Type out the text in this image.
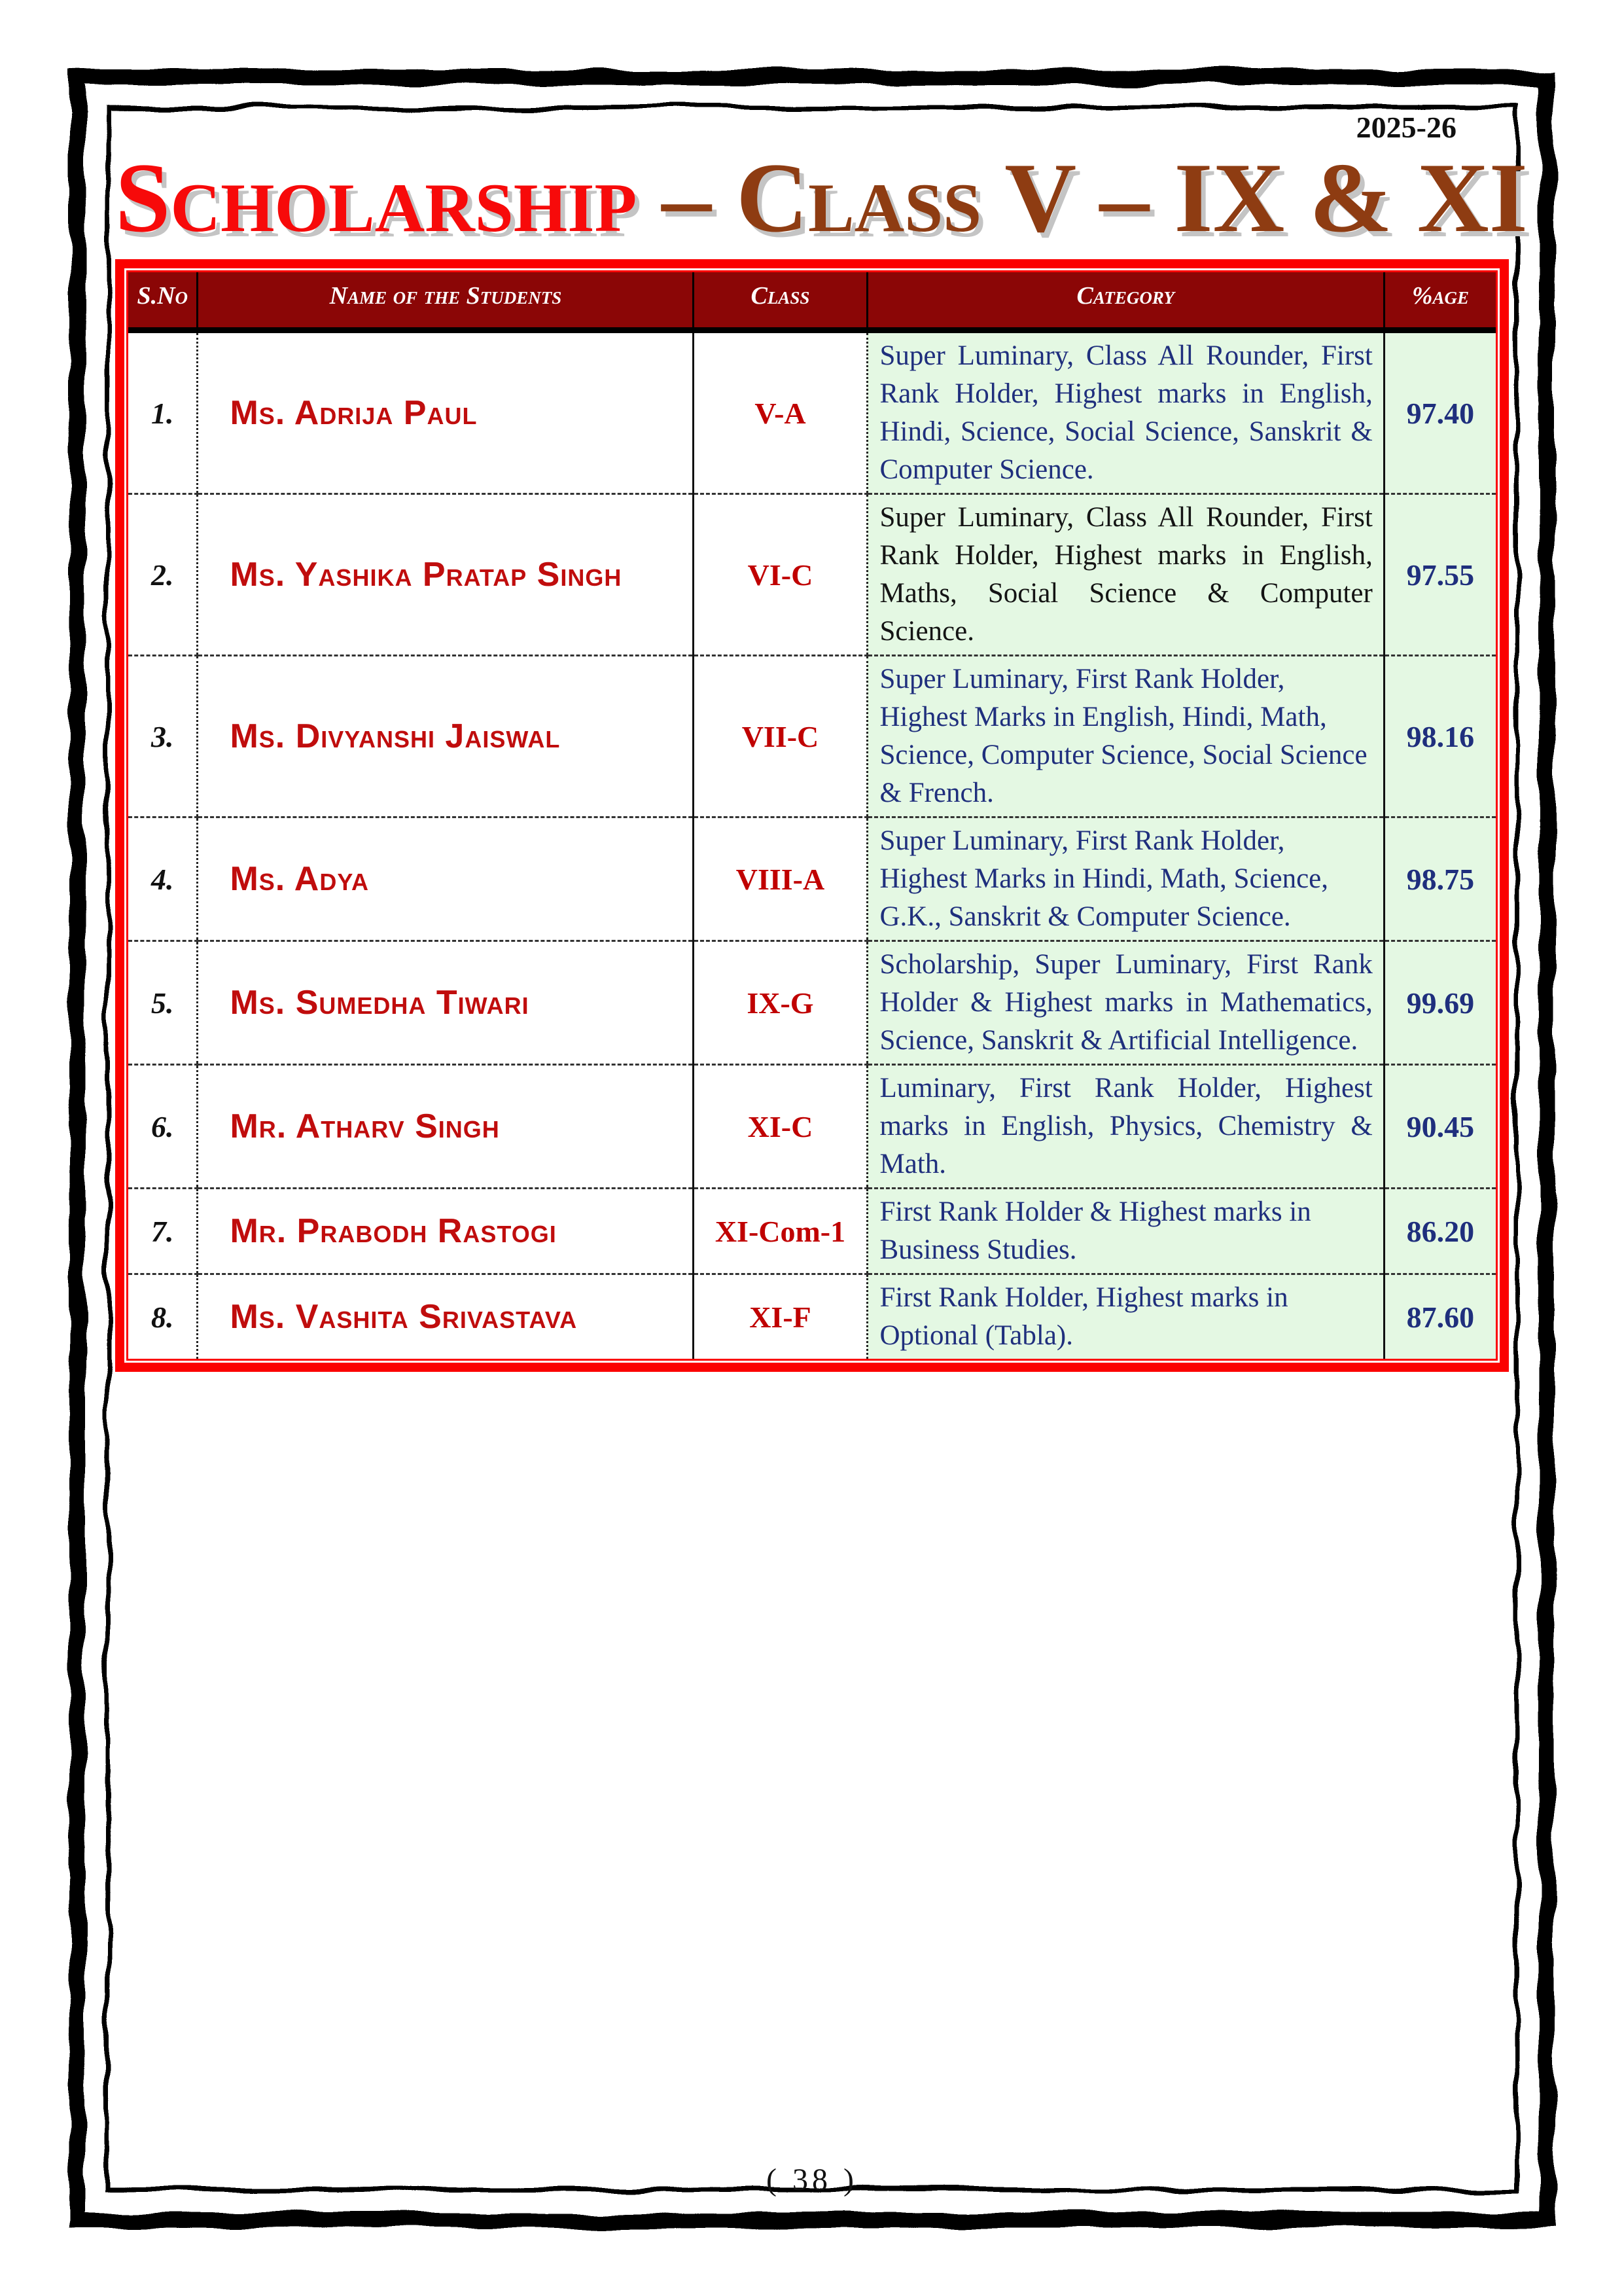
2025-26
Scholarship – Class V – IX & XI
S.No	Name of the Students	Class	Category	%age
1.	Ms. Adrija Paul	V-A	Super Luminary, Class All Rounder, First Rank Holder, Highest marks in English, Hindi, Science, Social Science, Sanskrit & Computer Science.	97.40
2.	Ms. Yashika Pratap Singh	VI-C	Super Luminary, Class All Rounder, First Rank Holder, Highest marks in English, Maths, Social Science & Computer Science.	97.55
3.	Ms. Divyanshi Jaiswal	VII-C	Super Luminary, First Rank Holder, Highest Marks in English, Hindi, Math, Science, Computer Science, Social Science & French.	98.16
4.	Ms. Adya	VIII-A	Super Luminary, First Rank Holder, Highest Marks in Hindi, Math, Science, G.K., Sanskrit & Computer Science.	98.75
5.	Ms. Sumedha Tiwari	IX-G	Scholarship, Super Luminary, First Rank Holder & Highest marks in Mathematics, Science, Sanskrit & Artificial Intelligence.	99.69
6.	Mr. Atharv Singh	XI-C	Luminary, First Rank Holder, Highest marks in English, Physics, Chemistry & Math.	90.45
7.	Mr. Prabodh Rastogi	XI-Com-1	First Rank Holder & Highest marks in Business Studies.	86.20
8.	Ms. Vashita Srivastava	XI-F	First Rank Holder, Highest marks in Optional (Tabla).	87.60
( 38 )
